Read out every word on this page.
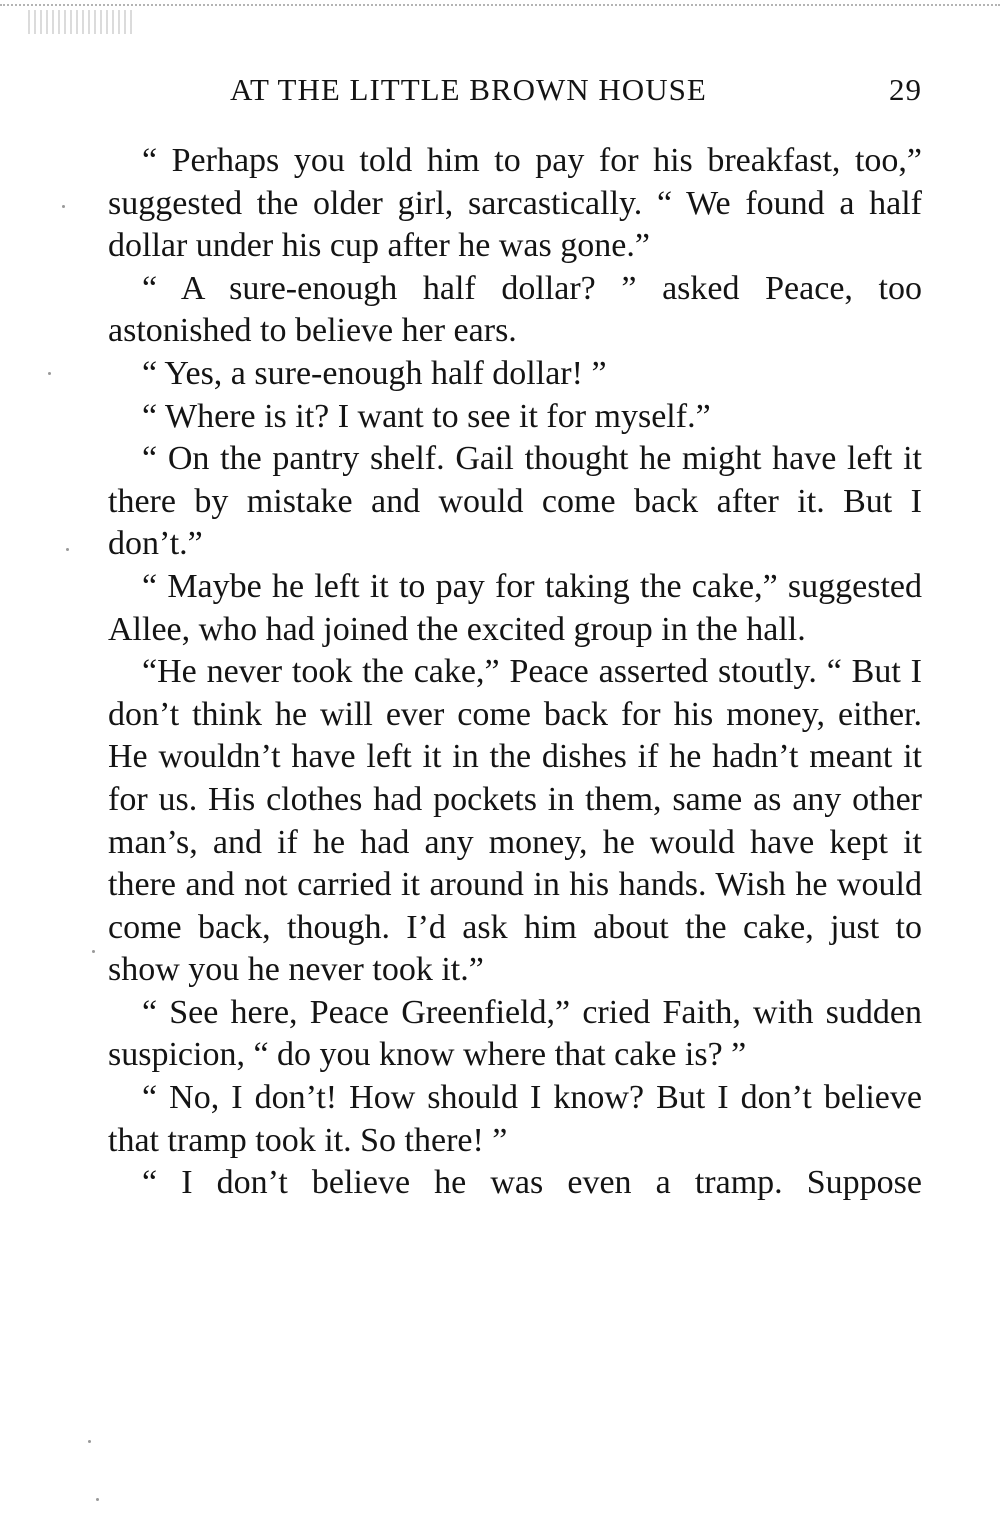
AT THE LITTLE BROWN HOUSE	29

“ Perhaps you told him to pay for his breakfast, too,” suggested the older girl, sarcastically. “ We found a half dollar under his cup after he was gone.”

“ A sure-enough half dollar? ” asked Peace, too astonished to believe her ears.

“ Yes, a sure-enough half dollar! ”

“ Where is it? I want to see it for myself.”

“ On the pantry shelf. Gail thought he might have left it there by mistake and would come back after it. But I don’t.”

“ Maybe he left it to pay for taking the cake,” suggested Allee, who had joined the excited group in the hall.

“He never took the cake,” Peace asserted stoutly. “ But I don’t think he will ever come back for his money, either. He wouldn’t have left it in the dishes if he hadn’t meant it for us. His clothes had pockets in them, same as any other man’s, and if he had any money, he would have kept it there and not carried it around in his hands. Wish he would come back, though. I’d ask him about the cake, just to show you he never took it.”

“ See here, Peace Greenfield,” cried Faith, with sudden suspicion, “ do you know where that cake is? ”

“ No, I don’t! How should I know? But I don’t believe that tramp took it. So there! ”

“ I don’t believe he was even a tramp. Suppose
